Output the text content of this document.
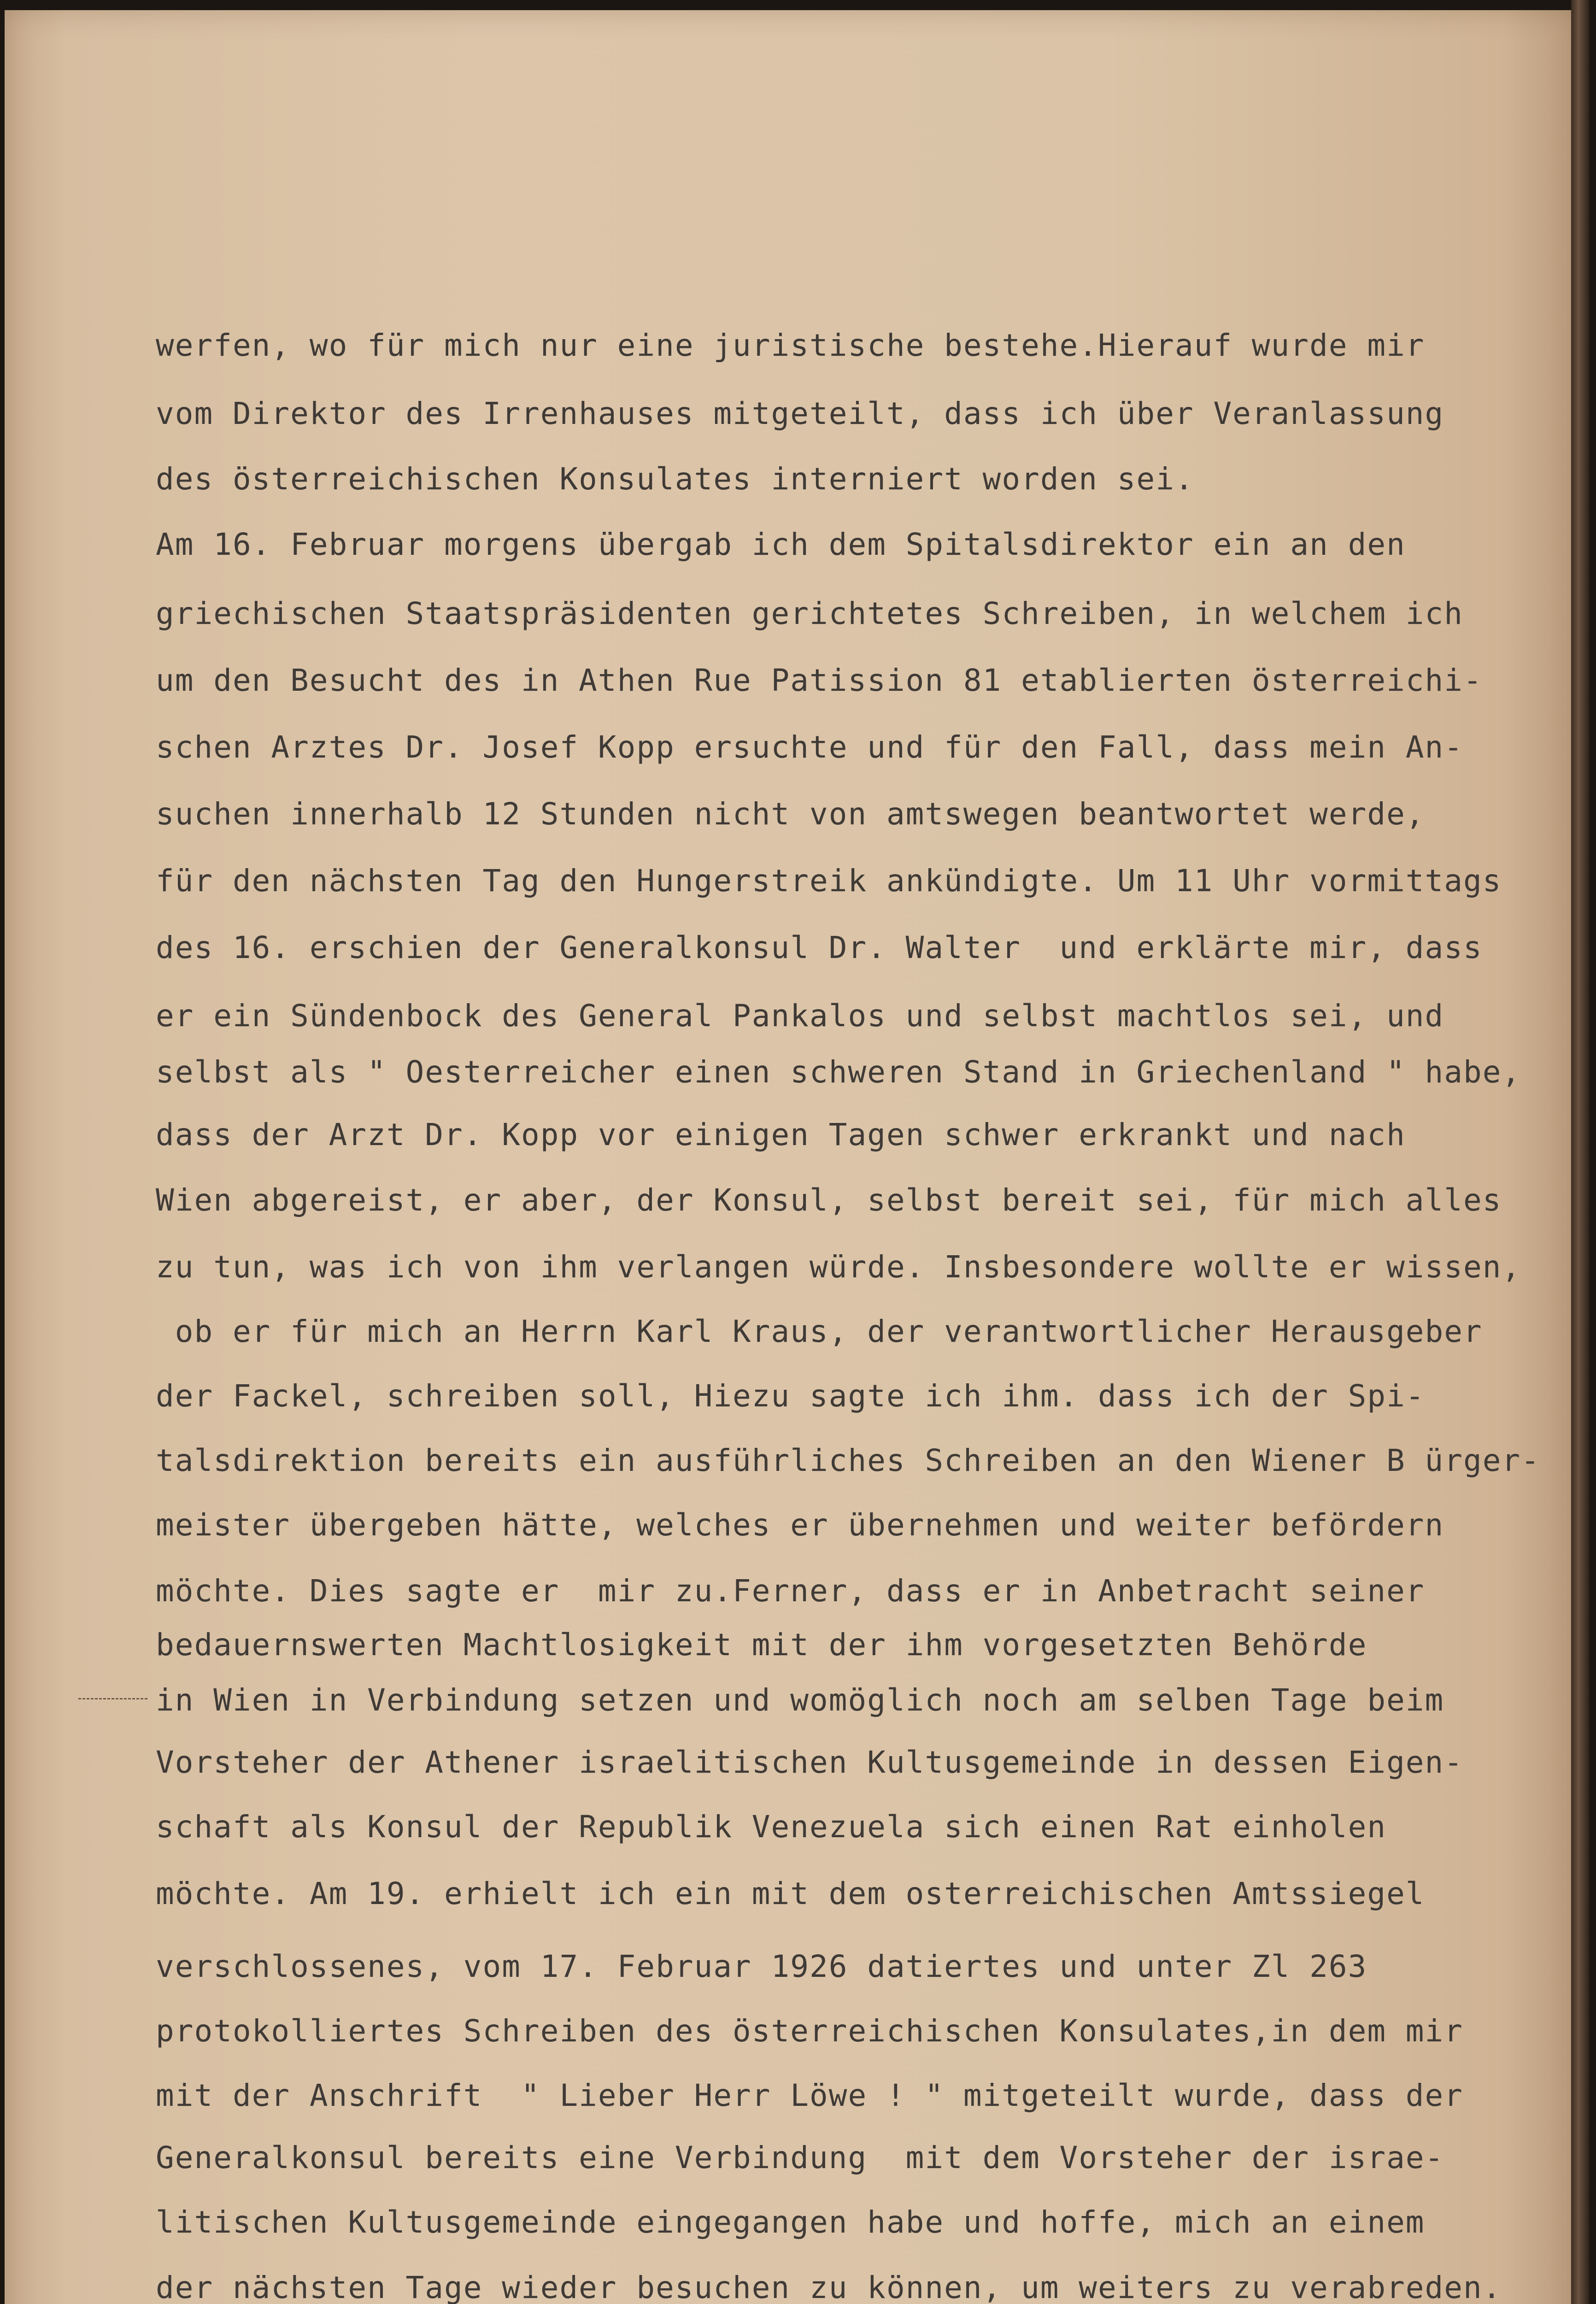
werfen, wo für mich nur eine juristische bestehe.Hierauf wurde mir
vom Direktor des Irrenhauses mitgeteilt, dass ich über Veranlassung
des österreichischen Konsulates interniert worden sei.
Am 16. Februar morgens übergab ich dem Spitalsdirektor ein an den
griechischen Staatspräsidenten gerichtetes Schreiben, in welchem ich
um den Besucht des in Athen Rue Patission 81 etablierten österreichi-
schen Arztes Dr. Josef Kopp ersuchte und für den Fall, dass mein An-
suchen innerhalb 12 Stunden nicht von amtswegen beantwortet werde,
für den nächsten Tag den Hungerstreik ankündigte. Um 11 Uhr vormittags
des 16. erschien der Generalkonsul Dr. Walter  und erklärte mir, dass
er ein Sündenbock des General Pankalos und selbst machtlos sei, und
selbst als " Oesterreicher einen schweren Stand in Griechenland " habe,
dass der Arzt Dr. Kopp vor einigen Tagen schwer erkrankt und nach
Wien abgereist, er aber, der Konsul, selbst bereit sei, für mich alles
zu tun, was ich von ihm verlangen würde. Insbesondere wollte er wissen,
ob er für mich an Herrn Karl Kraus, der verantwortlicher Herausgeber
der Fackel, schreiben soll, Hiezu sagte ich ihm. dass ich der Spi-
talsdirektion bereits ein ausführliches Schreiben an den Wiener B ürger-
meister übergeben hätte, welches er übernehmen und weiter befördern
möchte. Dies sagte er  mir zu.Ferner, dass er in Anbetracht seiner
bedauernswerten Machtlosigkeit mit der ihm vorgesetzten Behörde
in Wien in Verbindung setzen und womöglich noch am selben Tage beim
Vorsteher der Athener israelitischen Kultusgemeinde in dessen Eigen-
schaft als Konsul der Republik Venezuela sich einen Rat einholen
möchte. Am 19. erhielt ich ein mit dem osterreichischen Amtssiegel
verschlossenes, vom 17. Februar 1926 datiertes und unter Zl 263
protokolliertes Schreiben des österreichischen Konsulates,in dem mir
mit der Anschrift  " Lieber Herr Löwe ! " mitgeteilt wurde, dass der
Generalkonsul bereits eine Verbindung  mit dem Vorsteher der israe-
litischen Kultusgemeinde eingegangen habe und hoffe, mich an einem
der nächsten Tage wieder besuchen zu können, um weiters zu verabreden.
